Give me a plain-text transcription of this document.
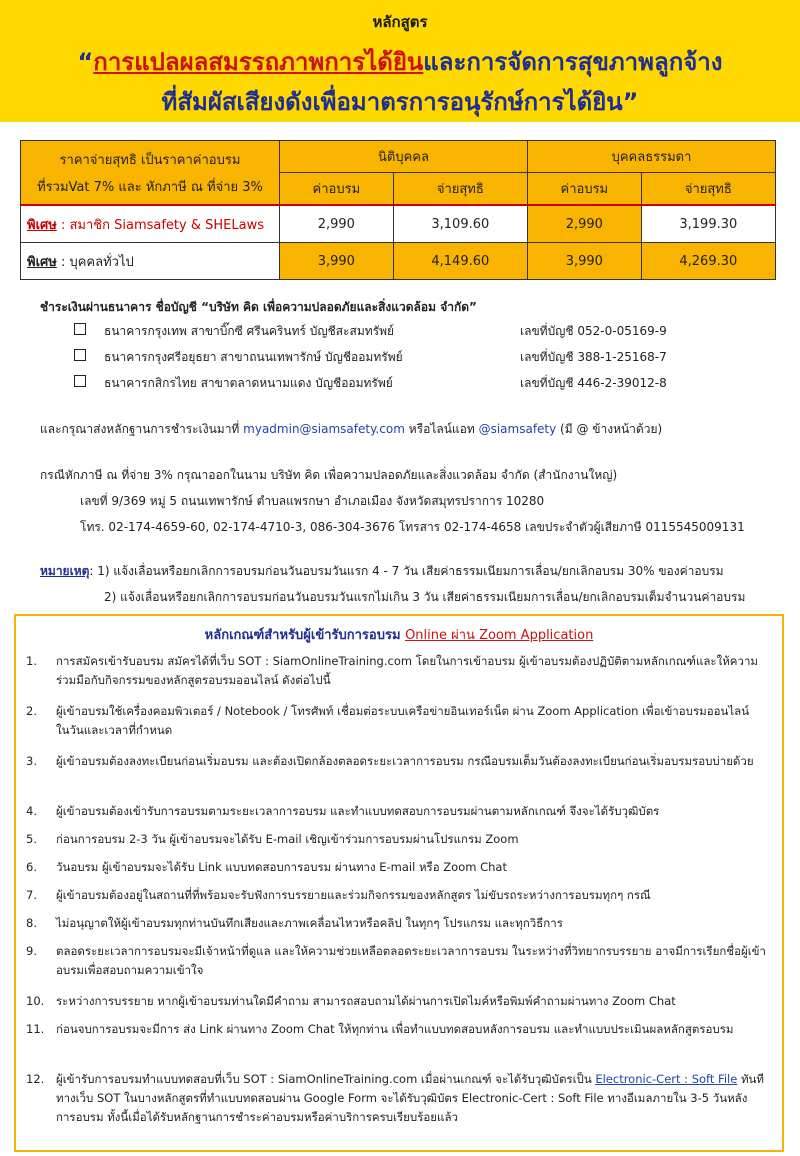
หลักสูตร
“การแปลผลสมรรถภาพการได้ยินและการจัดการสุขภาพลูกจ้าง
ที่สัมผัสเสียงดังเพื่อมาตรการอนุรักษ์การได้ยิน”
ราคาจ่ายสุทธิ เป็นราคาค่าอบรม
ที่รวมVat 7% และ หักภาษี ณ ที่จ่าย 3%	นิติบุคคล		บุคคลธรรมดา	
	ค่าอบรม	จ่ายสุทธิ	ค่าอบรม	จ่ายสุทธิ
พิเศษ : สมาชิก Siamsafety & SHELaws	2,990	3,109.60	2,990	3,199.30
พิเศษ : บุคคลทั่วไป	3,990	4,149.60	3,990	4,269.30
ชำระเงินผ่านธนาคาร ชื่อบัญชี “บริษัท คิด เพื่อความปลอดภัยและสิ่งแวดล้อม จำกัด”
ธนาคารกรุงเทพ สาขาบิ๊กซี ศรีนครินทร์ บัญชีสะสมทรัพย์	เลขที่บัญชี 052-0-05169-9
ธนาคารกรุงศรีอยุธยา สาขาถนนเทพารักษ์ บัญชีออมทรัพย์	เลขที่บัญชี 388-1-25168-7
ธนาคารกสิกรไทย สาขาตลาดหนามแดง บัญชีออมทรัพย์	เลขที่บัญชี 446-2-39012-8
และกรุณาส่งหลักฐานการชำระเงินมาที่ myadmin@siamsafety.com หรือไลน์แอท @siamsafety (มี @ ข้างหน้าด้วย)
กรณีหักภาษี ณ ที่จ่าย 3% กรุณาออกในนาม บริษัท คิด เพื่อความปลอดภัยและสิ่งแวดล้อม จำกัด (สำนักงานใหญ่)
เลขที่ 9/369 หมู่ 5 ถนนเทพารักษ์ ตำบลแพรกษา อำเภอเมือง จังหวัดสมุทรปราการ 10280
โทร. 02-174-4659-60, 02-174-4710-3, 086-304-3676 โทรสาร 02-174-4658 เลขประจำตัวผู้เสียภาษี 0115545009131
หมายเหตุ: 1) แจ้งเลื่อนหรือยกเลิกการอบรมก่อนวันอบรมวันแรก 4 - 7 วัน เสียค่าธรรมเนียมการเลื่อน/ยกเลิกอบรม 30% ของค่าอบรม
2) แจ้งเลื่อนหรือยกเลิกการอบรมก่อนวันอบรมวันแรกไม่เกิน 3 วัน เสียค่าธรรมเนียมการเลื่อน/ยกเลิกอบรมเต็มจำนวนค่าอบรม
หลักเกณฑ์สำหรับผู้เข้ารับการอบรม Online ผ่าน Zoom Application
1. การสมัครเข้ารับอบรม สมัครได้ที่เว็บ SOT : SiamOnlineTraining.com โดยในการเข้าอบรม ผู้เข้าอบรมต้องปฏิบัติตามหลักเกณฑ์และให้ความร่วมมือกับกิจกรรมของหลักสูตรอบรมออนไลน์ ดังต่อไปนี้
2. ผู้เข้าอบรมใช้เครื่องคอมพิวเตอร์ / Notebook / โทรศัพท์ เชื่อมต่อระบบเครือข่ายอินเทอร์เน็ต ผ่าน Zoom Application เพื่อเข้าอบรมออนไลน์ ในวันและเวลาที่กำหนด
3. ผู้เข้าอบรมต้องลงทะเบียนก่อนเริ่มอบรม และต้องเปิดกล้องตลอดระยะเวลาการอบรม กรณีอบรมเต็มวันต้องลงทะเบียนก่อนเริ่มอบรมรอบบ่ายด้วย
4. ผู้เข้าอบรมต้องเข้ารับการอบรมตามระยะเวลาการอบรม และทำแบบทดสอบการอบรมผ่านตามหลักเกณฑ์ จึงจะได้รับวุฒิบัตร
5. ก่อนการอบรม 2-3 วัน ผู้เข้าอบรมจะได้รับ E-mail เชิญเข้าร่วมการอบรมผ่านโปรแกรม Zoom
6. วันอบรม ผู้เข้าอบรมจะได้รับ Link แบบทดสอบการอบรม ผ่านทาง E-mail หรือ Zoom Chat
7. ผู้เข้าอบรมต้องอยู่ในสถานที่ที่พร้อมจะรับฟังการบรรยายและร่วมกิจกรรมของหลักสูตร ไม่ขับรถระหว่างการอบรมทุกๆ กรณี
8. ไม่อนุญาตให้ผู้เข้าอบรมทุกท่านบันทึกเสียงและภาพเคลื่อนไหวหรือคลิป ในทุกๆ โปรแกรม และทุกวิธีการ
9. ตลอดระยะเวลาการอบรมจะมีเจ้าหน้าที่ดูแล และให้ความช่วยเหลือตลอดระยะเวลาการอบรม ในระหว่างที่วิทยากรบรรยาย อาจมีการเรียกชื่อผู้เข้าอบรมเพื่อสอบถามความเข้าใจ
10. ระหว่างการบรรยาย หากผู้เข้าอบรมท่านใดมีคำถาม สามารถสอบถามได้ผ่านการเปิดไมค์หรือพิมพ์คำถามผ่านทาง Zoom Chat
11. ก่อนจบการอบรมจะมีการ ส่ง Link ผ่านทาง Zoom Chat ให้ทุกท่าน เพื่อทำแบบทดสอบหลังการอบรม และทำแบบประเมินผลหลักสูตรอบรม
12. ผู้เข้ารับการอบรมทำแบบทดสอบที่เว็บ SOT : SiamOnlineTraining.com เมื่อผ่านเกณฑ์ จะได้รับวุฒิบัตรเป็น Electronic-Cert : Soft File ทันทีทางเว็บ SOT ในบางหลักสูตรที่ทำแบบทดสอบผ่าน Google Form จะได้รับวุฒิบัตร Electronic-Cert : Soft File ทางอีเมลภายใน 3-5 วันหลังการอบรม ทั้งนี้เมื่อได้รับหลักฐานการชำระค่าอบรมหรือค่าบริการครบเรียบร้อยแล้ว
